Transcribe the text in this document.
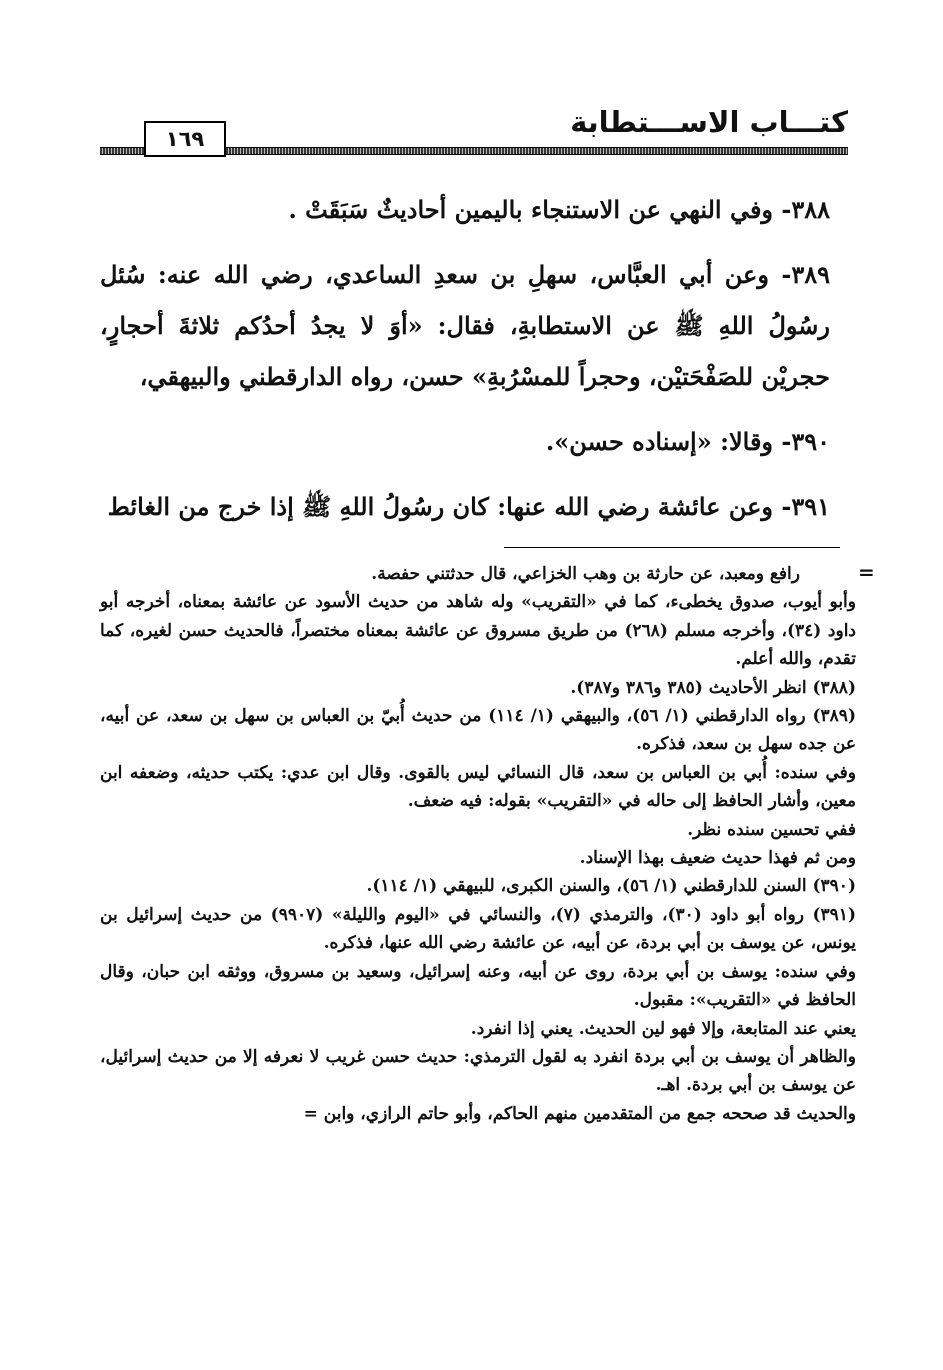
كتـــاب الاســـتطابة
١٦٩

٣٨٨- وفي النهي عن الاستنجاء باليمين أحاديثٌ سَبَقَتْ .

٣٨٩- وعن أبي العبَّاس، سهلِ بن سعدِ الساعدي، رضي الله عنه: سُئل رسُولُ اللهِ ﷺ عن الاستطابةِ، فقال: «أوَ لا يجدُ أحدُكم ثلاثةَ أحجارٍ، حجريْن للصَفْحَتيْن، وحجراً للمسْرُبةِ» حسن، رواه الدارقطني والبيهقي،

٣٩٠- وقالا: «إسناده حسن».

٣٩١- وعن عائشة رضي الله عنها: كان رسُولُ اللهِ ﷺ إذا خرج من الغائط

=

رافع ومعبد، عن حارثة بن وهب الخزاعي، قال حدثتني حفصة.

وأبو أيوب، صدوق يخطىء، كما في «التقريب» وله شاهد من حديث الأسود عن عائشة بمعناه، أخرجه أبو داود (٣٤)، وأخرجه مسلم (٢٦٨) من طريق مسروق عن عائشة بمعناه مختصراً، فالحديث حسن لغيره، كما تقدم، والله أعلم.

(٣٨٨) انظر الأحاديث (٣٨٥ و٣٨٦ و٣٨٧).

(٣٨٩) رواه الدارقطني (١/ ٥٦)، والبيهقي (١/ ١١٤) من حديث أُبيّ بن العباس بن سهل بن سعد، عن أبيه، عن جده سهل بن سعد، فذكره.

وفي سنده: أُبي بن العباس بن سعد، قال النسائي ليس بالقوى. وقال ابن عدي: يكتب حديثه، وضعفه ابن معين، وأشار الحافظ إلى حاله في «التقريب» بقوله: فيه ضعف.

ففي تحسين سنده نظر.

ومن ثم فهذا حديث ضعيف بهذا الإسناد.

(٣٩٠) السنن للدارقطني (١/ ٥٦)، والسنن الكبرى، للبيهقي (١/ ١١٤).

(٣٩١) رواه أبو داود (٣٠)، والترمذي (٧)، والنسائي في «اليوم والليلة» (٩٩٠٧) من حديث إسرائيل بن يونس، عن يوسف بن أبي بردة، عن أبيه، عن عائشة رضي الله عنها، فذكره.

وفي سنده: يوسف بن أبي بردة، روى عن أبيه، وعنه إسرائيل، وسعيد بن مسروق، ووثقه ابن حبان، وقال الحافظ في «التقريب»: مقبول.

يعني عند المتابعة، وإلا فهو لين الحديث. يعني إذا انفرد.

والظاهر أن يوسف بن أبي بردة انفرد به لقول الترمذي: حديث حسن غريب لا نعرفه إلا من حديث إسرائيل، عن يوسف بن أبي بردة. اهـ.

والحديث قد صححه جمع من المتقدمين منهم الحاكم، وأبو حاتم الرازي، وابن =
